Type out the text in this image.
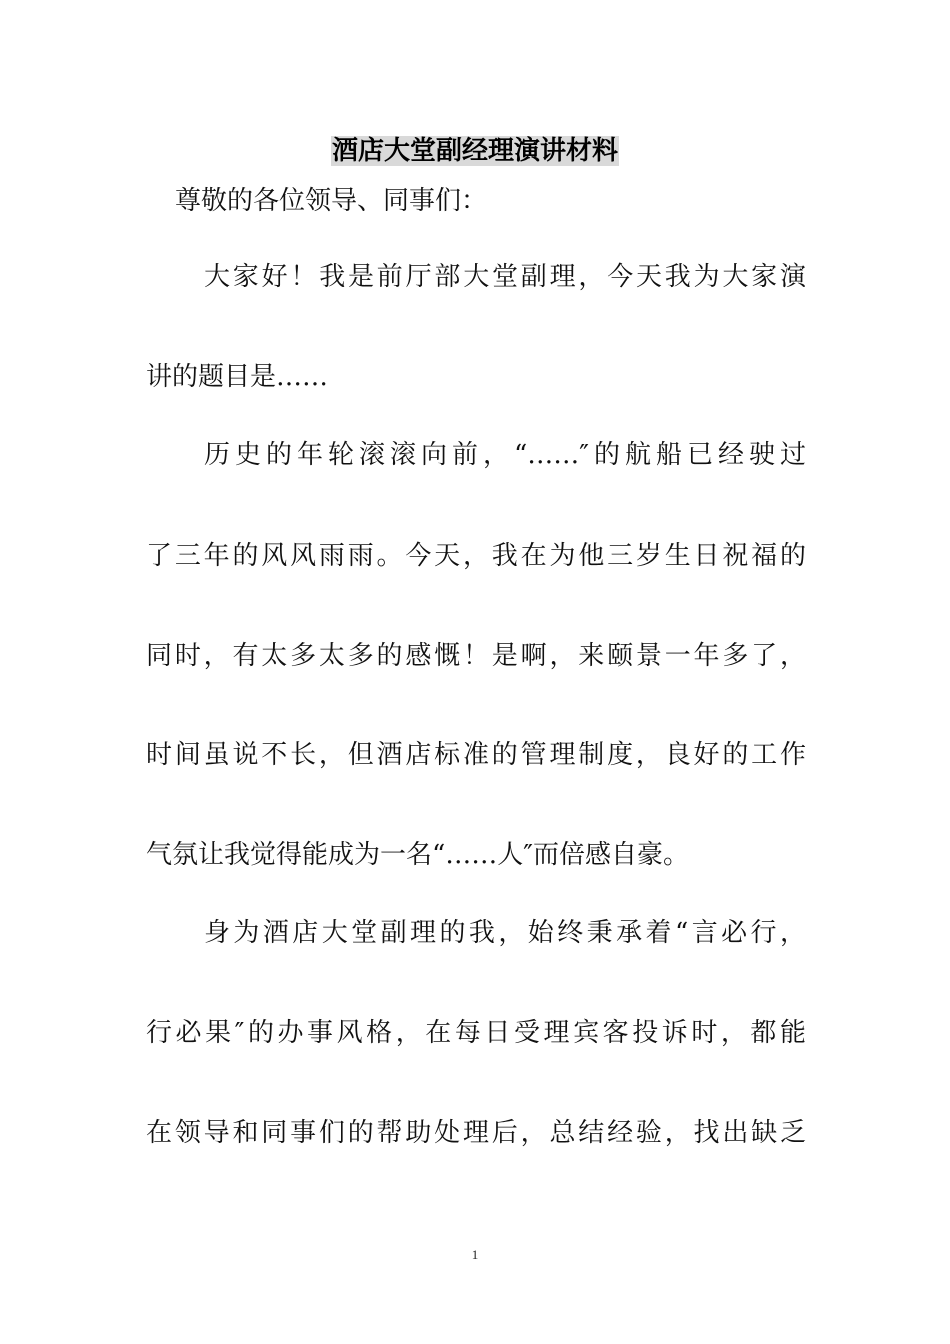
酒店大堂副经理演讲材料
尊敬的各位领导、同事们：
大家好！我是前厅部大堂副理，今天我为大家演
讲的题目是……
历史的年轮滚滚向前，“……″的航船已经驶过
了三年的风风雨雨。今天，我在为他三岁生日祝福的
同时，有太多太多的感慨！是啊，来颐景一年多了，
时间虽说不长，但酒店标准的管理制度，良好的工作
气氛让我觉得能成为一名“……人″而倍感自豪。
身为酒店大堂副理的我，始终秉承着“言必行，
行必果″的办事风格，在每日受理宾客投诉时，都能
在领导和同事们的帮助处理后，总结经验，找出缺乏
1
